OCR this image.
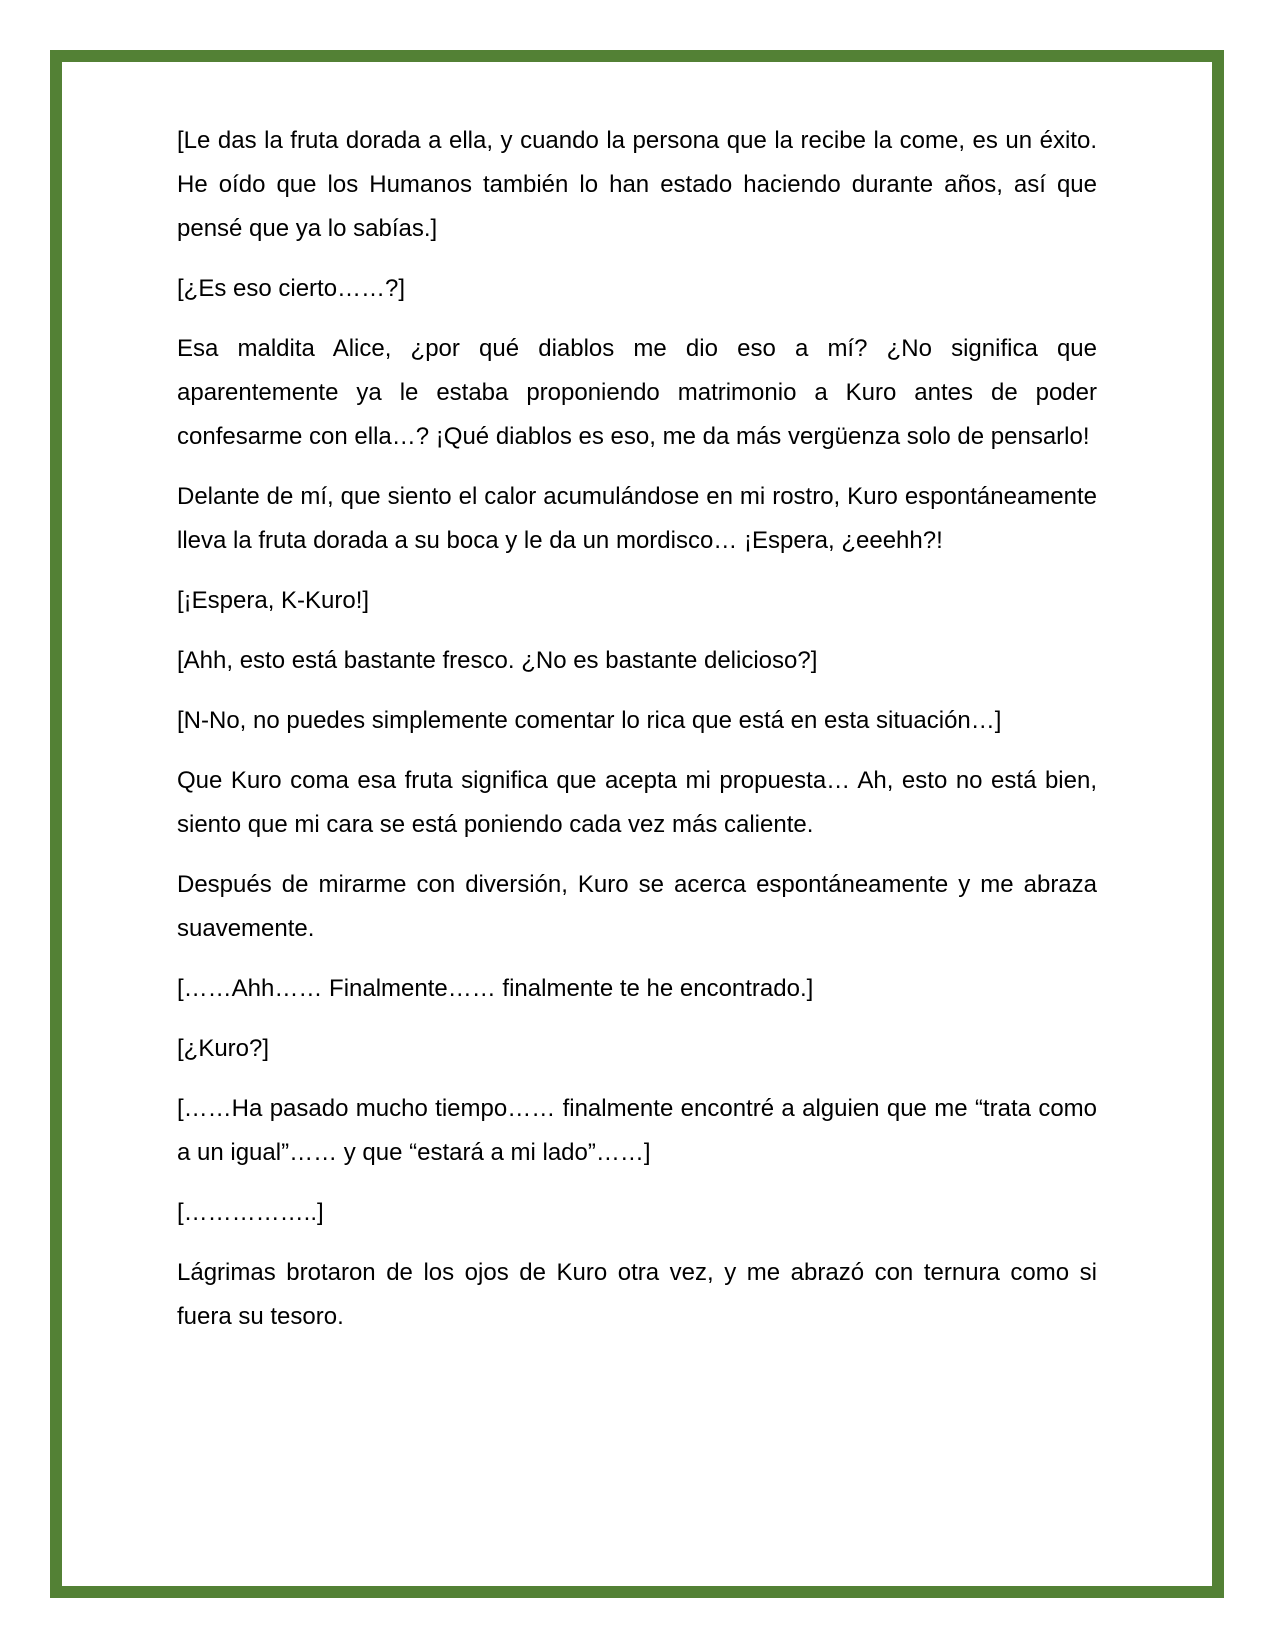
[Le das la fruta dorada a ella, y cuando la persona que la recibe la come, es un éxito. He oído que los Humanos también lo han estado haciendo durante años, así que pensé que ya lo sabías.]

[¿Es eso cierto……?]

Esa maldita Alice, ¿por qué diablos me dio eso a mí? ¿No significa que aparentemente ya le estaba proponiendo matrimonio a Kuro antes de poder confesarme con ella…? ¡Qué diablos es eso, me da más vergüenza solo de pensarlo!

Delante de mí, que siento el calor acumulándose en mi rostro, Kuro espontáneamente lleva la fruta dorada a su boca y le da un mordisco… ¡Espera, ¿eeehh?!

[¡Espera, K-Kuro!]

[Ahh, esto está bastante fresco. ¿No es bastante delicioso?]

[N-No, no puedes simplemente comentar lo rica que está en esta situación…]

Que Kuro coma esa fruta significa que acepta mi propuesta… Ah, esto no está bien, siento que mi cara se está poniendo cada vez más caliente.

Después de mirarme con diversión, Kuro se acerca espontáneamente y me abraza suavemente.

[……Ahh…… Finalmente…… finalmente te he encontrado.]

[¿Kuro?]

[……Ha pasado mucho tiempo…… finalmente encontré a alguien que me “trata como a un igual”…… y que “estará a mi lado”……]

[……………..]

Lágrimas brotaron de los ojos de Kuro otra vez, y me abrazó con ternura como si fuera su tesoro.
